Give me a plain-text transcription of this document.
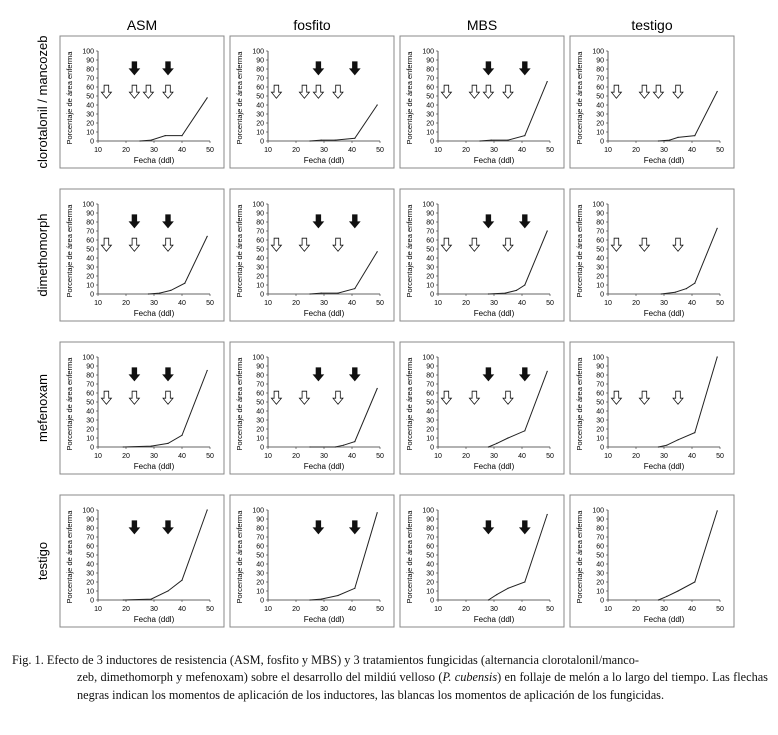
ASM	fosfito	MBS	testigo
clorotalonil / mancozeb
dimethomorph
mefenoxam
testigo
0
10
20
30
40
50
60
70
80
90
100
10	20	30	40	50
Fecha (ddl)
Porcentaje de área enferma	0
10
20
30
40
50
60
70
80
90
100
10	20	30	40	50
Fecha (ddl)
Porcentaje de área enferma	0
10
20
30
40
50
60
70
80
90
100
10	20	30	40	50
Fecha (ddl)
Porcentaje de área enferma	0
10
20
30
40
50
60
70
80
90
100
10	20	30	40	50
Fecha (ddl)
Porcentaje de área enferma
0
10
20
30
40
50
60
70
80
90
100
10	20	30	40	50
Fecha (ddl)
Porcentaje de área enferma	0
10
20
30
40
50
60
70
80
90
100
10	20	30	40	50
Fecha (ddl)
Porcentaje de área enferma	0
10
20
30
40
50
60
70
80
90
100
10	20	30	40	50
Fecha (ddl)
Porcentaje de área enferma	0
10
20
30
40
50
60
70
80
90
100
10	20	30	40	50
Fecha (ddl)
Porcentaje de área enferma
0
10
20
30
40
50
60
70
80
90
100
10	20	30	40	50
Fecha (ddl)
Porcentaje de área enferma	0
10
20
30
40
50
60
70
80
90
100
10	20	30	40	50
Fecha (ddl)
Porcentaje de área enferma	0
10
20
30
40
50
60
70
80
90
100
10	20	30	40	50
Fecha (ddl)
Porcentaje de área enferma	0
10
20
30
40
50
60
70
80
90
100
10	20	30	40	50
Fecha (ddl)
Porcentaje de área enferma
0
10
20
30
40
50
60
70
80
90
100
10	20	30	40	50
Fecha (ddl)
Porcentaje de área enferma	0
10
20
30
40
50
60
70
80
90
100
10	20	30	40	50
Fecha (ddl)
Porcentaje de área enferma	0
10
20
30
40
50
60
70
80
90
100
10	20	30	40	50
Fecha (ddl)
Porcentaje de área enferma	0
10
20
30
40
50
60
70
80
90
100
10	20	30	40	50
Fecha (ddl)
Porcentaje de área enferma
Fig. 1. Efecto de 3 inductores de resistencia (ASM, fosfito y MBS) y 3 tratamientos fungicidas (alternancia clorotalonil/manco-
zeb, dimethomorph y mefenoxam) sobre el desarrollo del mildiú velloso (P. cubensis) en follaje de melón a lo largo del tiempo. Las flechas negras indican los momentos de aplicación de los inductores, las blancas los momentos de aplicación de los fungicidas.
